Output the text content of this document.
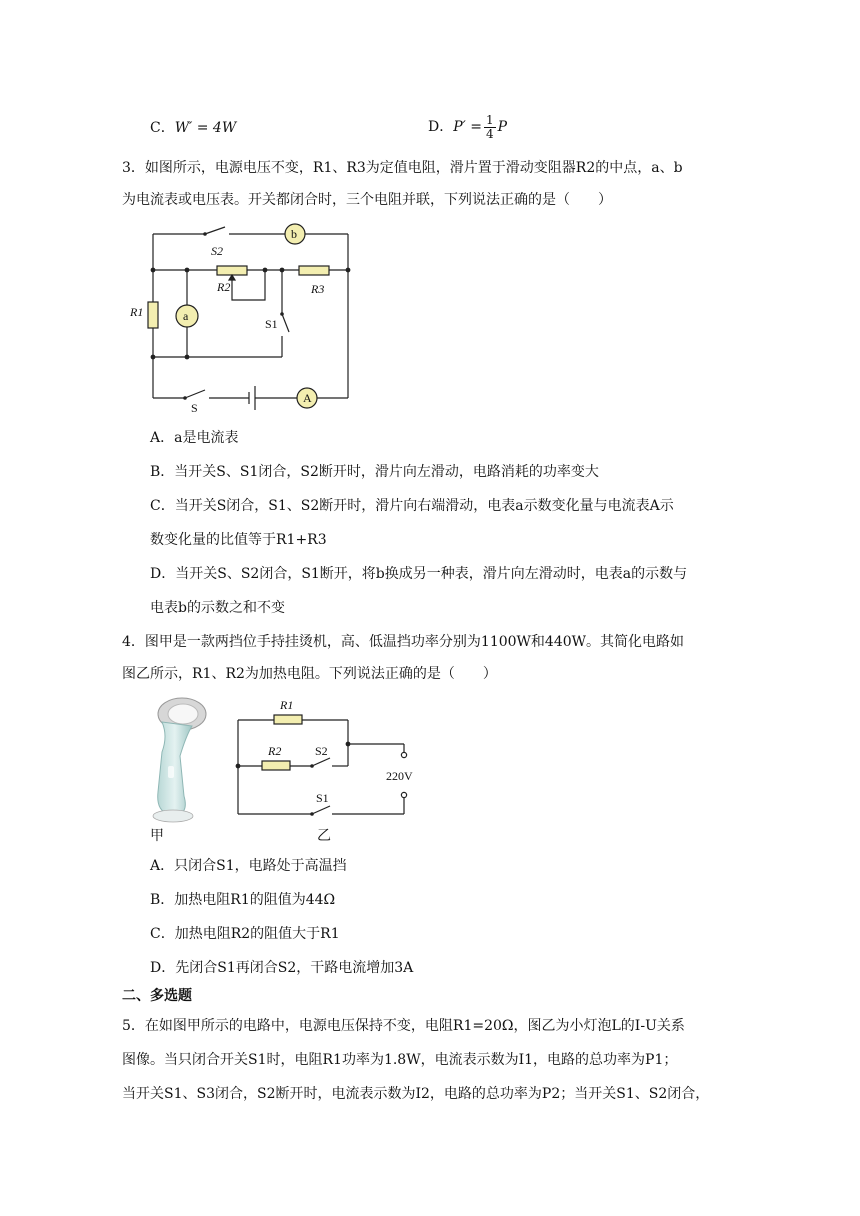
C．W′ = 4W	D．$P' = \frac{1}{4}$ P
3．如图所示，电源电压不变，R1、R3为定值电阻，滑片置于滑动变阻器R2的中点，a、b
为电流表或电压表。开关都闭合时，三个电阻并联，下列说法正确的是（　　）
S2
b
R2	R3
R1	a
S1
S
A
A．a是电流表
B．当开关S、S1闭合，S2断开时，滑片向左滑动，电路消耗的功率变大
C．当开关S闭合，S1、S2断开时，滑片向右端滑动，电表a示数变化量与电流表A示
数变化量的比值等于R1+R3
D．当开关S、S2闭合，S1断开，将b换成另一种表，滑片向左滑动时，电表a的示数与
电表b的示数之和不变
4．图甲是一款两挡位手持挂烫机，高、低温挡功率分别为1100W和440W。其简化电路如
图乙所示，R1、R2为加热电阻。下列说法正确的是（　　）
甲
R1
R2	S2
220V
S1
乙
A．只闭合S1，电路处于高温挡
B．加热电阻R1的阻值为44Ω
C．加热电阻R2的阻值大于R1
D．先闭合S1再闭合S2，干路电流增加3A
二、多选题
5．在如图甲所示的电路中，电源电压保持不变，电阻R1=20Ω，图乙为小灯泡L的I-U关系
图像。当只闭合开关S1时，电阻R1功率为1.8W，电流表示数为I1，电路的总功率为P1；
当开关S1、S3闭合，S2断开时，电流表示数为I2，电路的总功率为P2；当开关S1、S2闭合，
